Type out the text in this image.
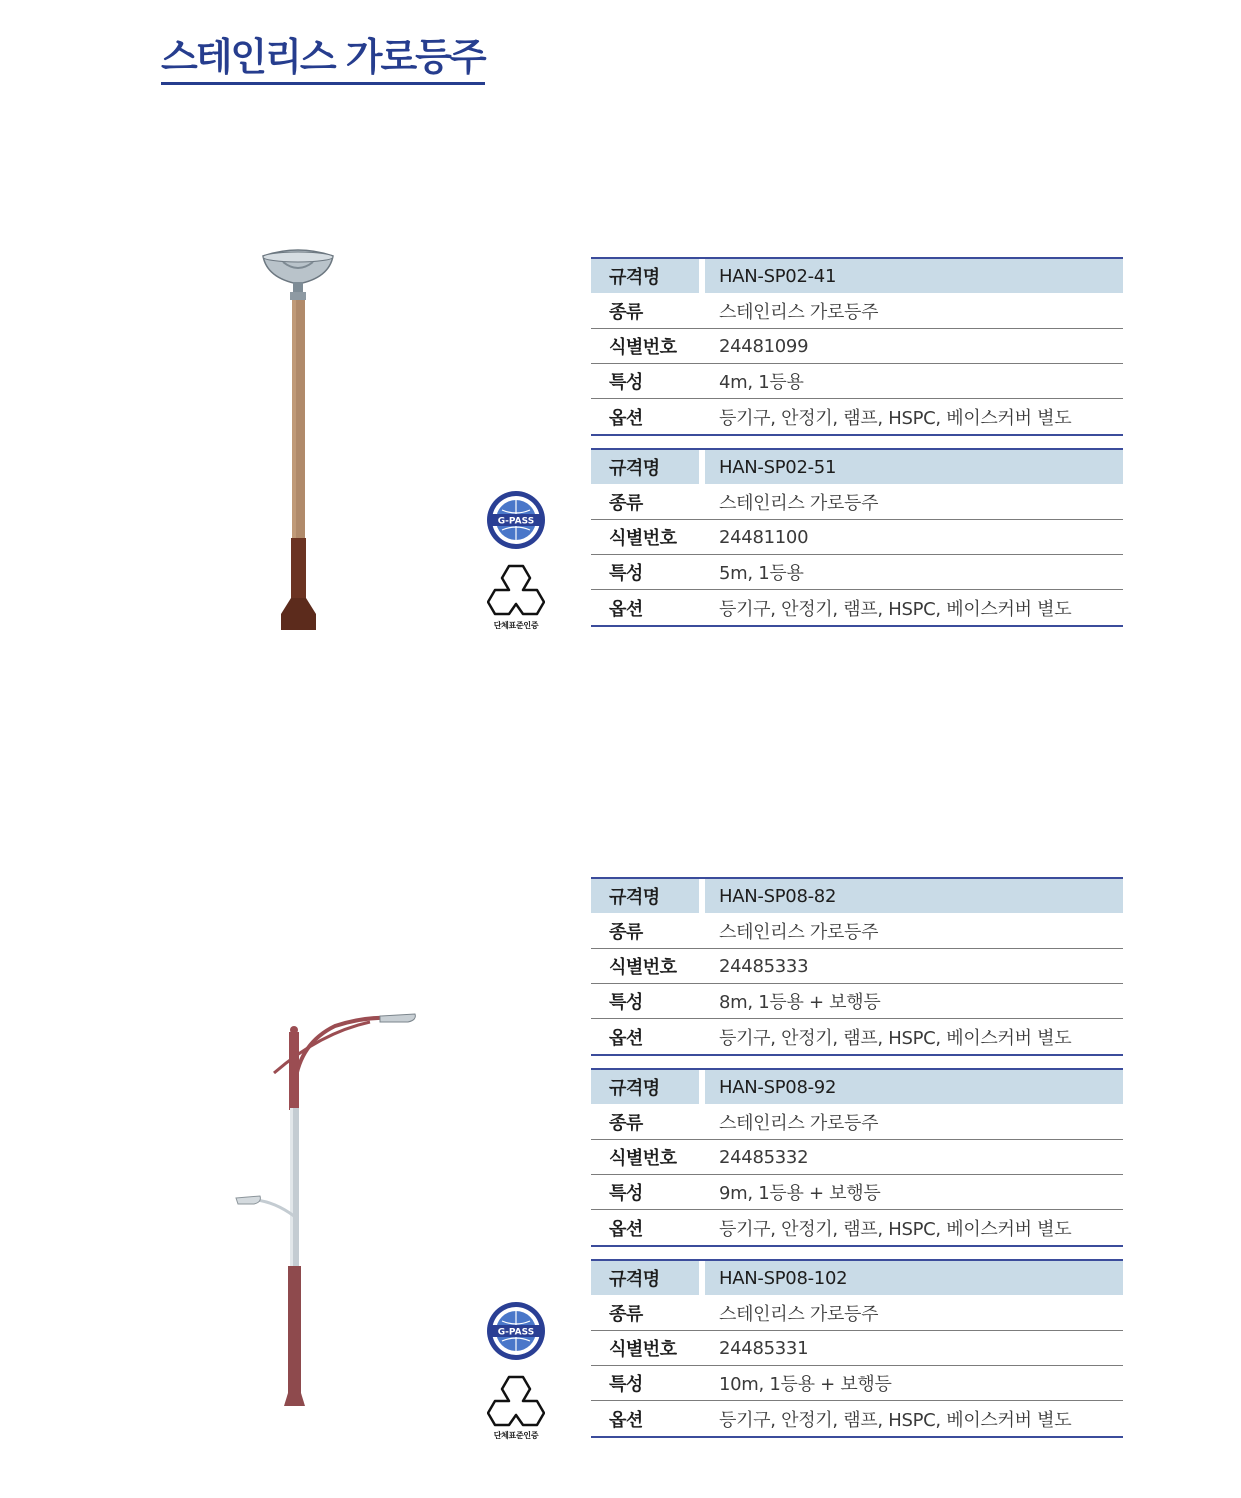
스테인리스 가로등주
G-PASS
단체표준인증
G-PASS
단체표준인증
규격명	HAN-SP02-41
종류	스테인리스 가로등주
식별번호	24481099
특성	4m, 1등용
옵션	등기구, 안정기, 램프, HSPC, 베이스커버 별도
규격명	HAN-SP02-51
종류	스테인리스 가로등주
식별번호	24481100
특성	5m, 1등용
옵션	등기구, 안정기, 램프, HSPC, 베이스커버 별도
규격명	HAN-SP08-82
종류	스테인리스 가로등주
식별번호	24485333
특성	8m, 1등용 + 보행등
옵션	등기구, 안정기, 램프, HSPC, 베이스커버 별도
규격명	HAN-SP08-92
종류	스테인리스 가로등주
식별번호	24485332
특성	9m, 1등용 + 보행등
옵션	등기구, 안정기, 램프, HSPC, 베이스커버 별도
규격명	HAN-SP08-102
종류	스테인리스 가로등주
식별번호	24485331
특성	10m, 1등용 + 보행등
옵션	등기구, 안정기, 램프, HSPC, 베이스커버 별도
